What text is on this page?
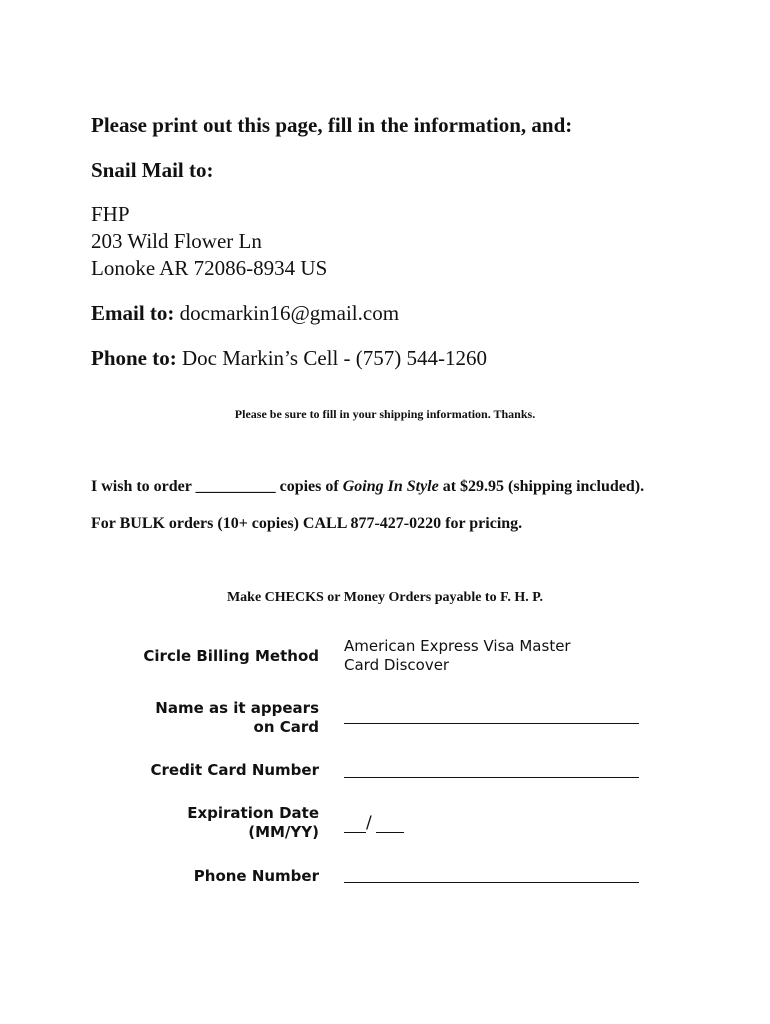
Please print out this page, fill in the information, and:
Snail Mail to:
FHP
203 Wild Flower Ln
Lonoke AR 72086-8934 US
Email to: docmarkin16@gmail.com
Phone to: Doc Markin’s Cell - (757) 544-1260
Please be sure to fill in your shipping information. Thanks.
I wish to order __________ copies of Going In Style at $29.95 (shipping included).
For BULK orders (10+ copies) CALL 877-427-0220 for pricing.
Make CHECKS or Money Orders payable to F. H. P.
Circle Billing Method
American Express Visa Master
Card Discover
Name as it appears
on Card
Credit Card Number
Expiration Date
(MM/YY)	/
Phone Number
